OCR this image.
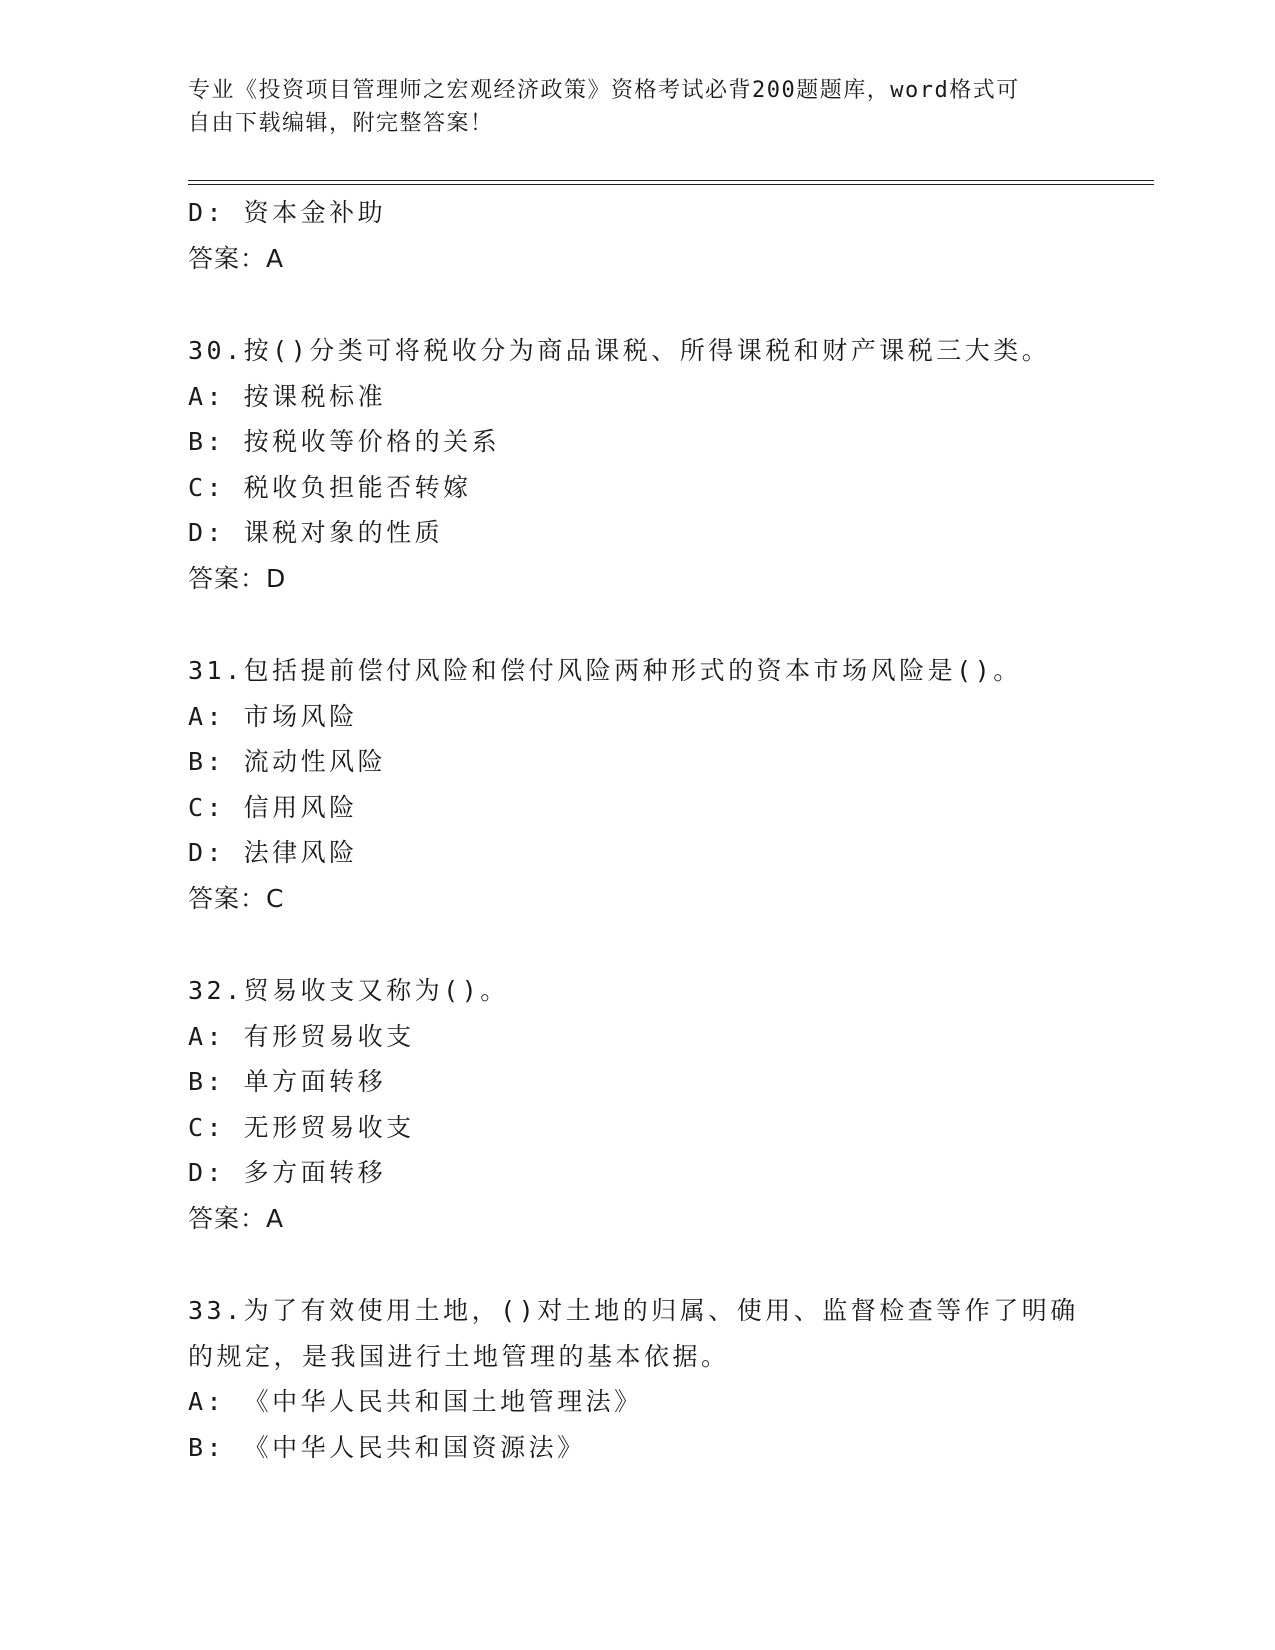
专业《投资项目管理师之宏观经济政策》资格考试必背200题题库，word格式可
自由下载编辑，附完整答案！
D: 资本金补助
答案：A
30.按()分类可将税收分为商品课税、所得课税和财产课税三大类。
A: 按课税标准
B: 按税收等价格的关系
C: 税收负担能否转嫁
D: 课税对象的性质
答案：D
31.包括提前偿付风险和偿付风险两种形式的资本市场风险是()。
A: 市场风险
B: 流动性风险
C: 信用风险
D: 法律风险
答案：C
32.贸易收支又称为()。
A: 有形贸易收支
B: 单方面转移
C: 无形贸易收支
D: 多方面转移
答案：A
33.为了有效使用土地，()对土地的归属、使用、监督检查等作了明确
的规定，是我国进行土地管理的基本依据。
A: 《中华人民共和国土地管理法》
B: 《中华人民共和国资源法》
